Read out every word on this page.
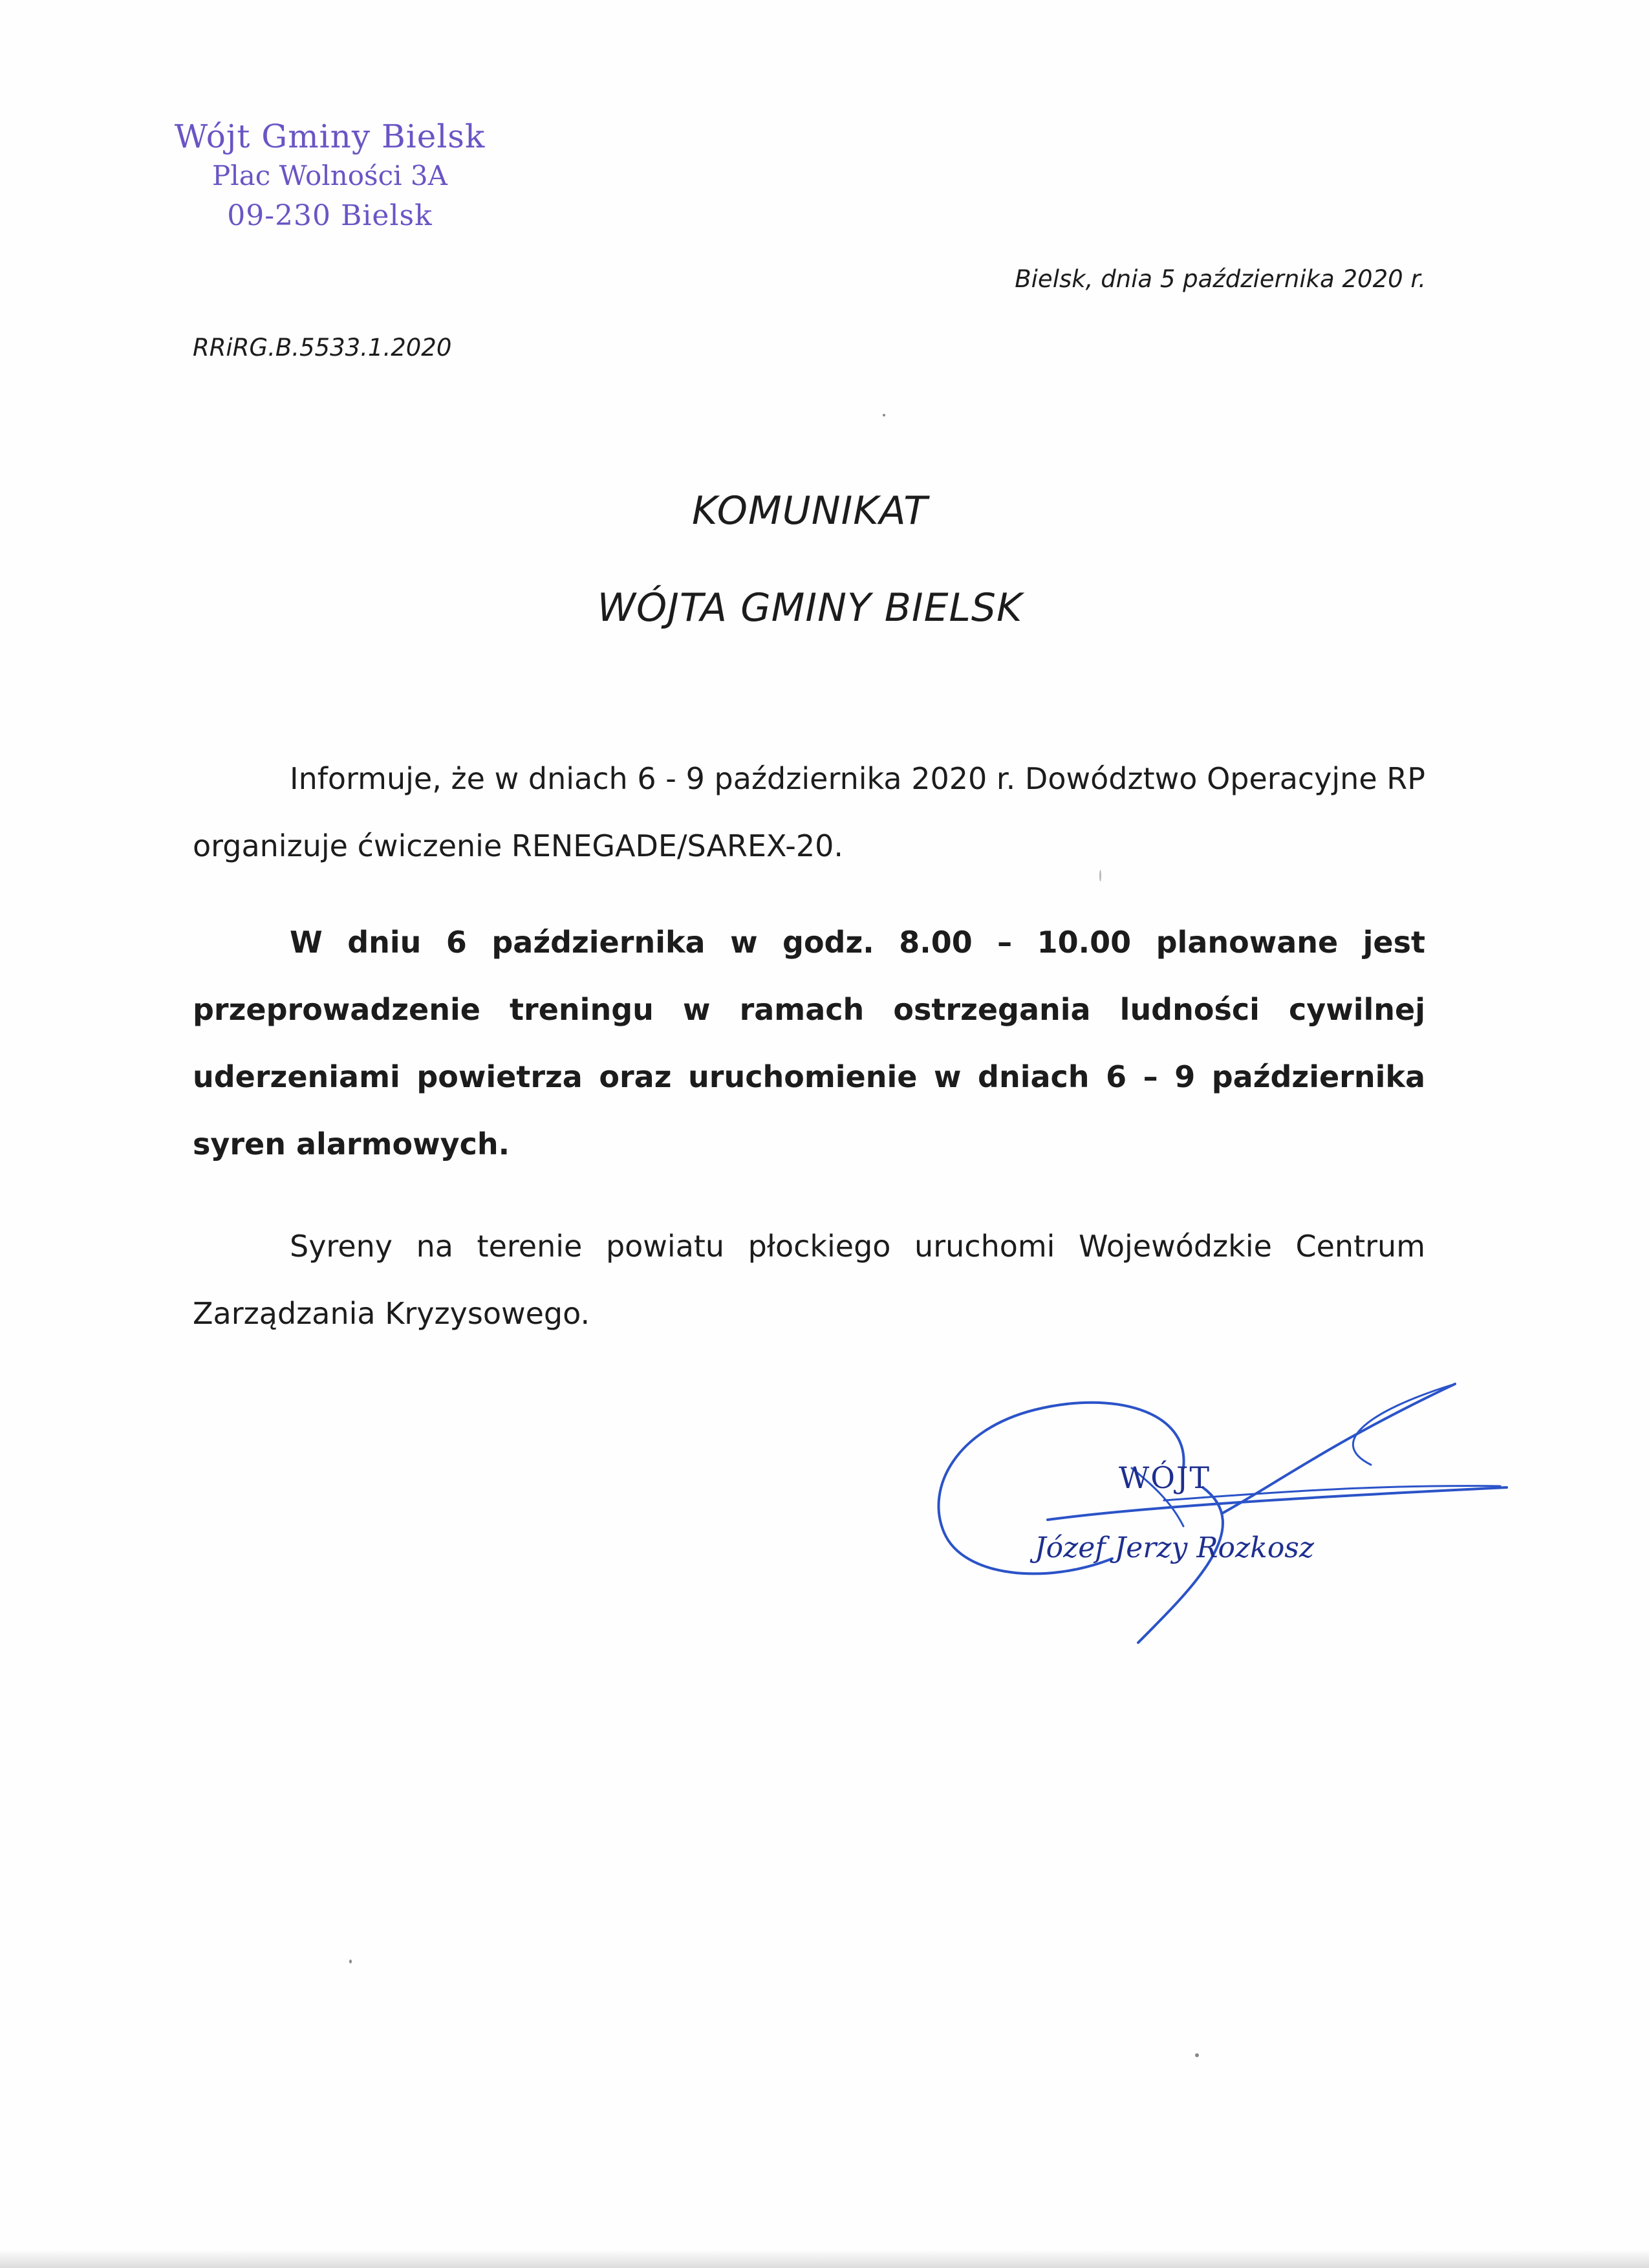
Wójt Gminy Bielsk
Plac Wolności 3A
09-230 Bielsk
Bielsk, dnia 5 października 2020 r.
RRiRG.B.5533.1.2020
KOMUNIKAT
WÓJTA GMINY BIELSK

Informuje, że w dniach 6 - 9 października 2020 r. Dowództwo Operacyjne RP organizuje ćwiczenie RENEGADE/SAREX-20.

W dniu 6 października w godz. 8.00 – 10.00 planowane jest przeprowadzenie treningu w ramach ostrzegania ludności cywilnej uderzeniami powietrza oraz uruchomienie w dniach 6 – 9 października syren alarmowych.

Syreny na terenie powiatu płockiego uruchomi Wojewódzkie Centrum Zarządzania Kryzysowego.

WÓJT
Józef Jerzy Rozkosz
